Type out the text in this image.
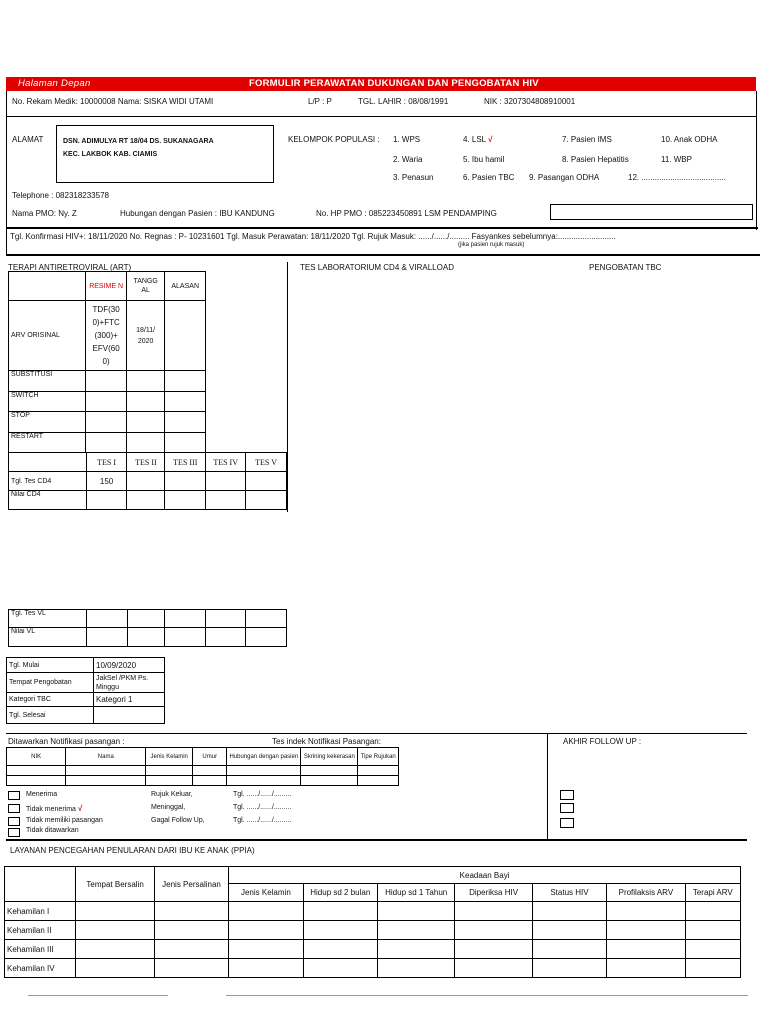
Halaman Depan	FORMULIR PERAWATAN DUKUNGAN DAN PENGOBATAN HIV
No. Rekam Medik: 10000008 Nama: SISKA WIDI UTAMI	L/P : P	TGL. LAHIR : 08/08/1991	NIK : 3207304808910001
ALAMAT	DSN. ADIMULYA RT 18/04 DS. SUKANAGARA
KEC. LAKBOK KAB. CIAMIS
KELOMPOK POPULASI : 1. WPS	4. LSL √	7. Pasien IMS	10. Anak ODHA
2. Waria	5. Ibu hamil	8. Pasien Hepatitis	11. WBP
3. Penasun	6. Pasien TBC 9. Pasangan ODHA	12. ......................................
Telephone : 082318233578
Nama PMO: Ny. Z	Hubungan dengan Pasien : IBU KANDUNG	No. HP PMO : 085223450891 LSM PENDAMPING
Tgl. Konfirmasi HIV+: 18/11/2020 No. Regnas : P- 10231601 Tgl. Masuk Perawatan: 18/11/2020 Tgl. Rujuk Masuk: ....../....../......... Fasyankes sebelumnya:..........................
(jika pasien rujuk masuk)
TERAPI ANTIRETROVIRAL (ART)	TES LABORATORIUM CD4 & VIRALLOAD	PENGOBATAN TBC
	RESIME N	TANGG AL	ALASAN
ARV ORISINAL	TDF(30 0)+FTC (300)+ EFV(60 0)	18/11/ 2020	
SUBSTITUSI			
SWITCH			
STOP			
RESTART			
	TES I	TES II	TES III	TES IV	TES V
Tgl. Tes CD4	150				
Nilai CD4					
Tgl. Tes VL					
Nilai VL					
Tgl. Mulai	10/09/2020
Tempat Pengobatan	JakSel /PKM Ps. Minggu
Kategori TBC	Kategori 1
Tgl. Selesai	
Ditawarkan Notifikasi pasangan :	Tes indek Notifikasi Pasangan:	AKHIR FOLLOW UP :
NIK	Nama	Jenis Kelamin	Umur	Hubungan dengan pasien	Skrining kekerasan	Tipe Rujukan

Menerima
Tidak menerima √
Tidak memiliki pasangan
Tidak ditawarkan
Rujuk Keluar,
Meninggal,
Gagal Follow Up,
Tgl. ....../....../.........
Tgl. ....../....../.........
Tgl. ....../....../.........
LAYANAN PENCEGAHAN PENULARAN DARI IBU KE ANAK (PPIA)
	Tempat Bersalin	Jenis Persalinan	Keadaan Bayi						
			Jenis Kelamin	Hidup sd 2 bulan	Hidup sd 1 Tahun	Diperiksa HIV	Status HIV	Profilaksis ARV	Terapi ARV
Kehamilan I									
Kehamilan II									
Kehamilan III									
Kehamilan IV									
